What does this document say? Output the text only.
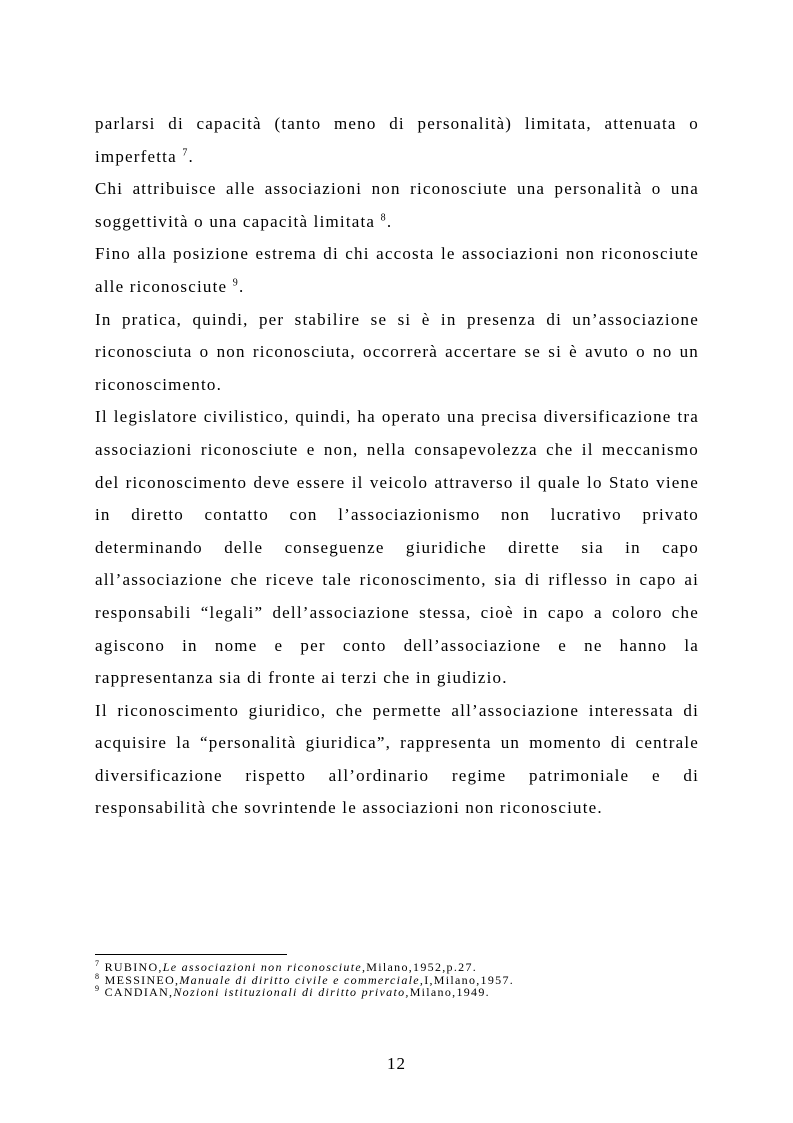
parlarsi di capacità (tanto meno di personalità) limitata, attenuata o imperfetta $^7$.

Chi attribuisce alle associazioni non riconosciute una personalità o una soggettività o una capacità limitata $^8$.

Fino alla posizione estrema di chi accosta le associazioni non riconosciute alle riconosciute $^9$.

In pratica, quindi, per stabilire se si è in presenza di un’associazione riconosciuta o non riconosciuta, occorrerà accertare se si è avuto o no un riconoscimento.

Il legislatore civilistico, quindi, ha operato una precisa diversificazione tra associazioni riconosciute e non, nella consapevolezza che il meccanismo del riconoscimento deve essere il veicolo attraverso il quale lo Stato viene in diretto contatto con l’associazionismo non lucrativo privato determinando delle conseguenze giuridiche dirette sia in capo all’associazione che riceve tale riconoscimento, sia di riflesso in capo ai responsabili “legali” dell’associazione stessa, cioè in capo a coloro che agiscono in nome e per conto dell’associazione e ne hanno la rappresentanza sia di fronte ai terzi che in giudizio.

Il riconoscimento giuridico, che permette all’associazione interessata di acquisire la “personalità giuridica”, rappresenta un momento di centrale diversificazione rispetto all’ordinario regime patrimoniale e di responsabilità che sovrintende le associazioni non riconosciute.

$^7$ RUBINO,Le associazioni non riconosciute,Milano,1952,p.27.

$^8$ MESSINEO,Manuale di diritto civile e commerciale,I,Milano,1957.

$^9$ CANDIAN,Nozioni istituzionali di diritto privato,Milano,1949.

12
